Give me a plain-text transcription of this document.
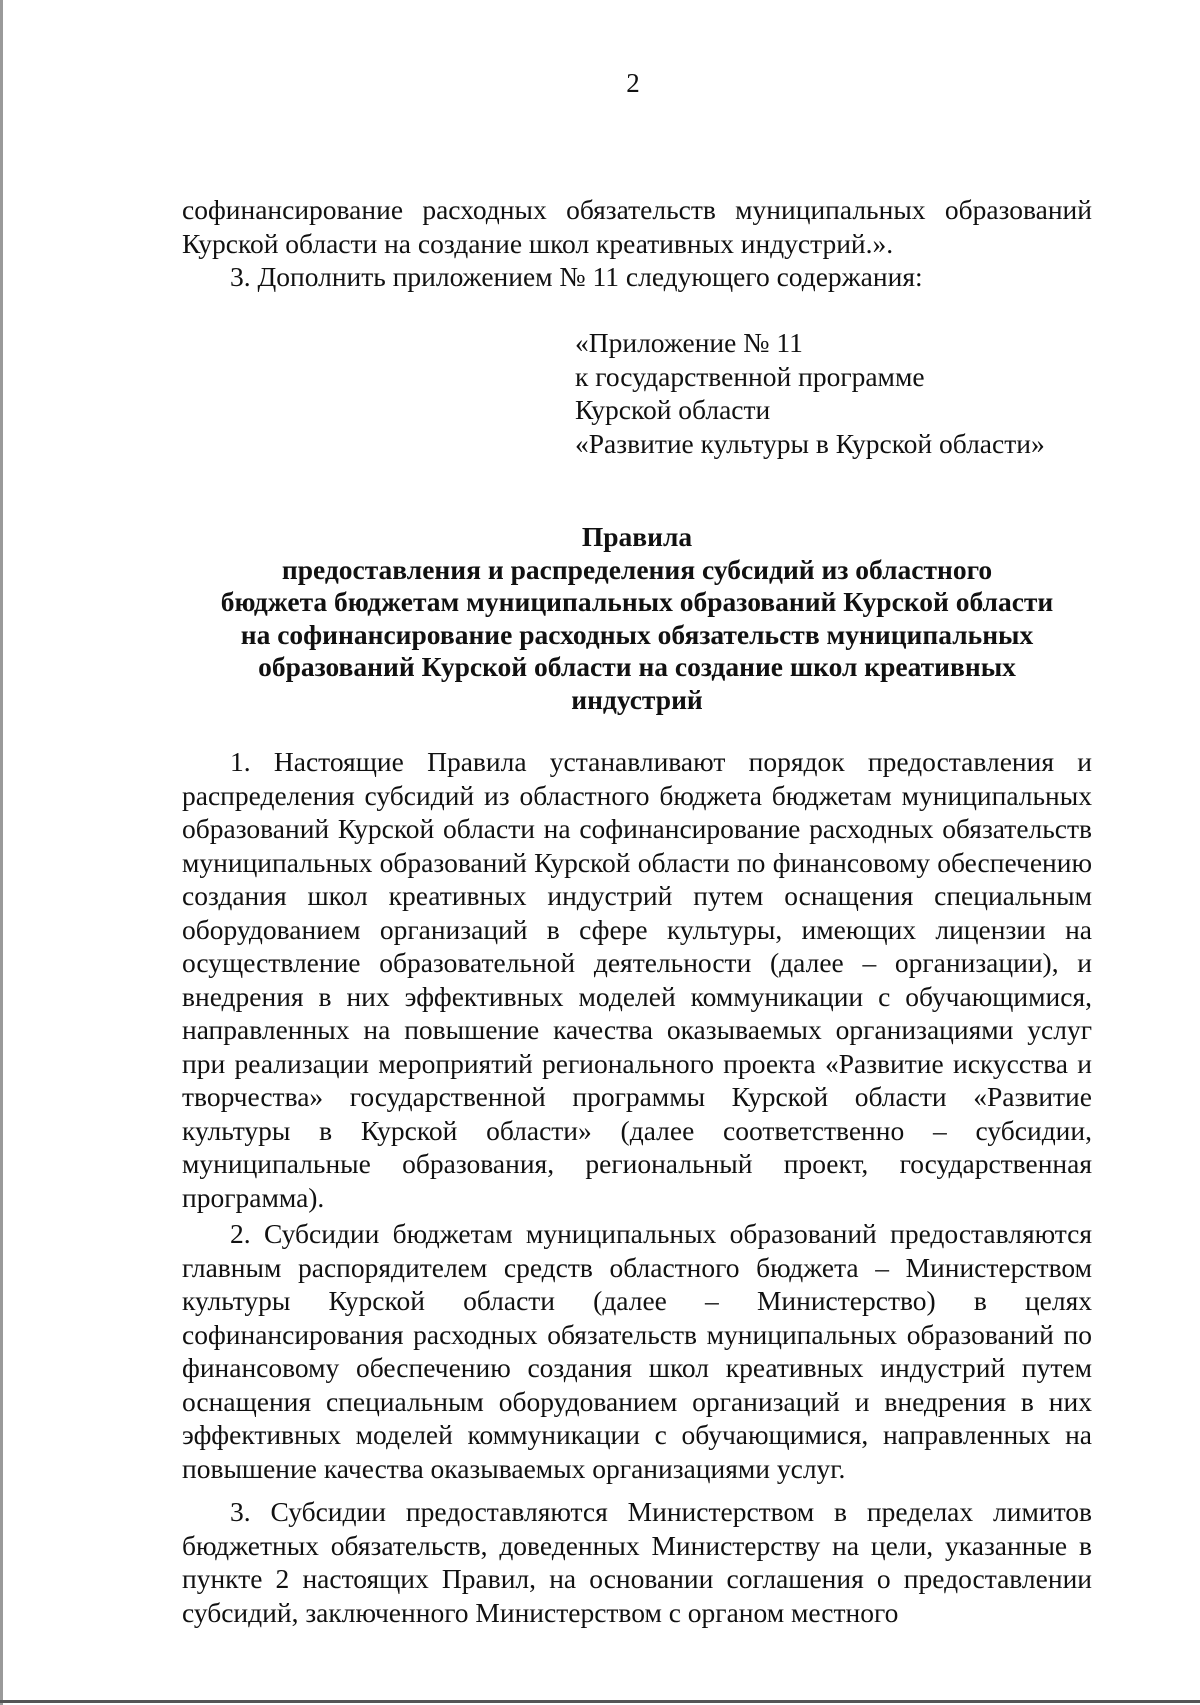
2

софинансирование расходных обязательств муниципальных образований Курской области на создание школ креативных индустрий.».

3. Дополнить приложением № 11 следующего содержания:

«Приложение № 11
к государственной программе
Курской области
«Развитие культуры в Курской области»
Правила
предоставления и распределения субсидий из областного
бюджета бюджетам муниципальных образований Курской области
на софинансирование расходных обязательств муниципальных
образований Курской области на создание школ креативных
индустрий

1. Настоящие Правила устанавливают порядок предоставления и распределения субсидий из областного бюджета бюджетам муниципальных образований Курской области на софинансирование расходных обязательств муниципальных образований Курской области по финансовому обеспечению создания школ креативных индустрий путем оснащения специальным оборудованием организаций в сфере культуры, имеющих лицензии на осуществление образовательной деятельности (далее – организации), и внедрения в них эффективных моделей коммуникации с обучающимися, направленных на повышение качества оказываемых организациями услуг при реализации мероприятий регионального проекта «Развитие искусства и творчества» государственной программы Курской области «Развитие культуры в Курской области» (далее соответственно – субсидии, муниципальные образования, региональный проект, государственная программа).

2. Субсидии бюджетам муниципальных образований предоставляются главным распорядителем средств областного бюджета – Министерством культуры Курской области (далее – Министерство) в целях софинансирования расходных обязательств муниципальных образований по финансовому обеспечению создания школ креативных индустрий путем оснащения специальным оборудованием организаций и внедрения в них эффективных моделей коммуникации с обучающимися, направленных на повышение качества оказываемых организациями услуг.

3. Субсидии предоставляются Министерством в пределах лимитов бюджетных обязательств, доведенных Министерству на цели, указанные в пункте 2 настоящих Правил, на основании соглашения о предоставлении субсидий, заключенного Министерством с органом местного
